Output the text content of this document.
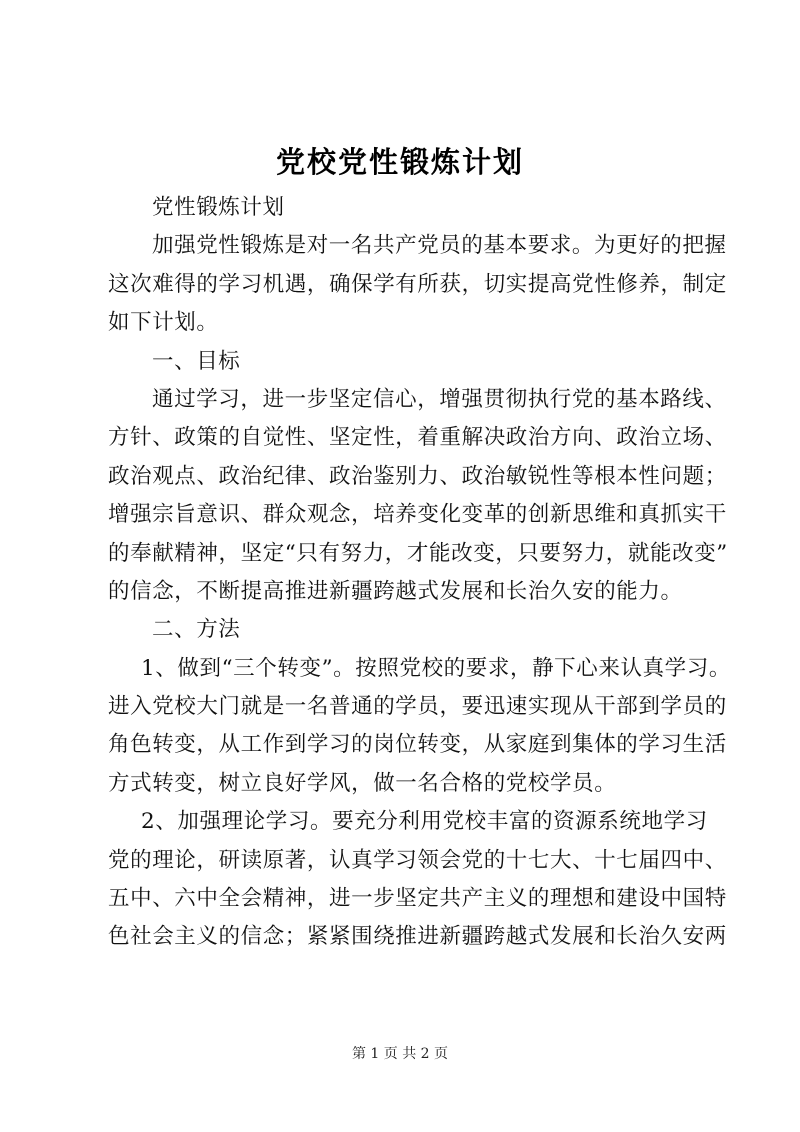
党校党性锻炼计划
党性锻炼计划
加强党性锻炼是对一名共产党员的基本要求。为更好的把握
这次难得的学习机遇，确保学有所获，切实提高党性修养，制定
如下计划。
一、目标
通过学习，进一步坚定信心，增强贯彻执行党的基本路线、
方针、政策的自觉性、坚定性，着重解决政治方向、政治立场、
政治观点、政治纪律、政治鉴别力、政治敏锐性等根本性问题；
增强宗旨意识、群众观念，培养变化变革的创新思维和真抓实干
的奉献精神，坚定“只有努力，才能改变，只要努力，就能改变”
的信念，不断提高推进新疆跨越式发展和长治久安的能力。
二、方法
1、做到“三个转变”。按照党校的要求，静下心来认真学习。
进入党校大门就是一名普通的学员，要迅速实现从干部到学员的
角色转变，从工作到学习的岗位转变，从家庭到集体的学习生活
方式转变，树立良好学风，做一名合格的党校学员。
2、加强理论学习。要充分利用党校丰富的资源系统地学习
党的理论，研读原著，认真学习领会党的十七大、十七届四中、
五中、六中全会精神，进一步坚定共产主义的理想和建设中国特
色社会主义的信念；紧紧围绕推进新疆跨越式发展和长治久安两
第 1 页 共 2 页
